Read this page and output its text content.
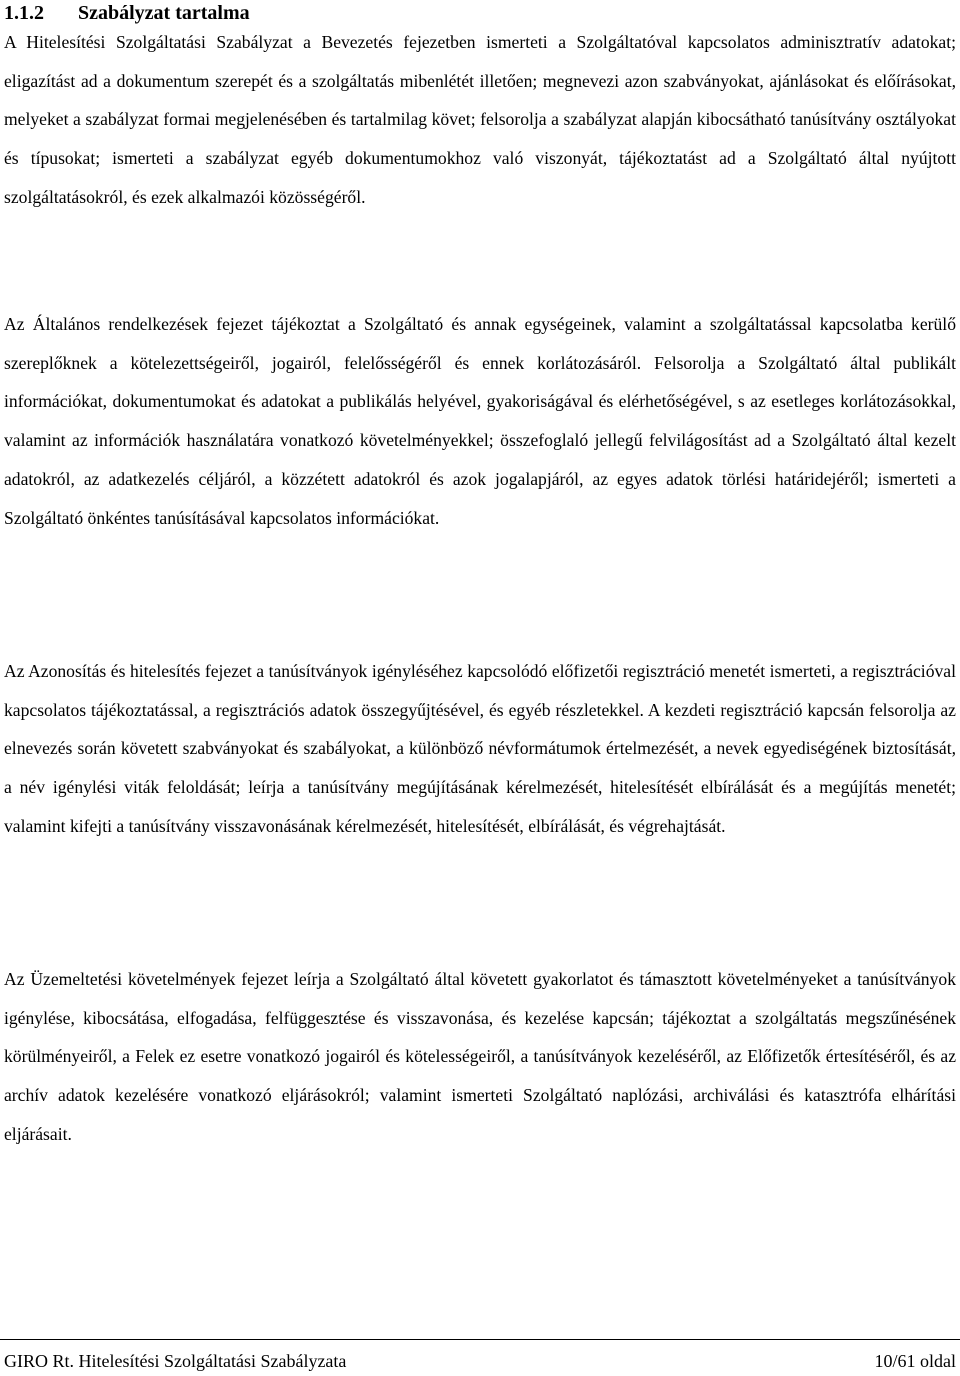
1.1.2 Szabályzat tartalma

A Hitelesítési Szolgáltatási Szabályzat a Bevezetés fejezetben ismerteti a Szolgáltatóval kapcsolatos adminisztratív adatokat; eligazítást ad a dokumentum szerepét és a szolgáltatás mibenlétét illetően; megnevezi azon szabványokat, ajánlásokat és előírásokat, melyeket a szabályzat formai megjelenésében és tartalmilag követ; felsorolja a szabályzat alapján kibocsátható tanúsítvány osztályokat és típusokat; ismerteti a szabályzat egyéb dokumentumokhoz való viszonyát, tájékoztatást ad a Szolgáltató által nyújtott szolgáltatásokról, és ezek alkalmazói közösségéről.

Az Általános rendelkezések fejezet tájékoztat a Szolgáltató és annak egységeinek, valamint a szolgáltatással kapcsolatba kerülő szereplőknek a kötelezettségeiről, jogairól, felelősségéről és ennek korlátozásáról. Felsorolja a Szolgáltató által publikált információkat, dokumentumokat és adatokat a publikálás helyével, gyakoriságával és elérhetőségével, s az esetleges korlátozásokkal, valamint az információk használatára vonatkozó követelményekkel; összefoglaló jellegű felvilágosítást ad a Szolgáltató által kezelt adatokról, az adatkezelés céljáról, a közzétett adatokról és azok jogalapjáról, az egyes adatok törlési határidejéről; ismerteti a Szolgáltató önkéntes tanúsításával kapcsolatos információkat.

Az Azonosítás és hitelesítés fejezet a tanúsítványok igényléséhez kapcsolódó előfizetői regisztráció menetét ismerteti, a regisztrációval kapcsolatos tájékoztatással, a regisztrációs adatok összegyűjtésével, és egyéb részletekkel. A kezdeti regisztráció kapcsán felsorolja az elnevezés során követett szabványokat és szabályokat, a különböző névformátumok értelmezését, a nevek egyediségének biztosítását, a név igénylési viták feloldását; leírja a tanúsítvány megújításának kérelmezését, hitelesítését elbírálását és a megújítás menetét; valamint kifejti a tanúsítvány visszavonásának kérelmezését, hitelesítését, elbírálását, és végrehajtását.

Az Üzemeltetési követelmények fejezet leírja a Szolgáltató által követett gyakorlatot és támasztott követelményeket a tanúsítványok igénylése, kibocsátása, elfogadása, felfüggesztése és visszavonása, és kezelése kapcsán; tájékoztat a szolgáltatás megszűnésének körülményeiről, a Felek ez esetre vonatkozó jogairól és kötelességeiről, a tanúsítványok kezeléséről, az Előfizetők értesítéséről, és az archív adatok kezelésére vonatkozó eljárásokról; valamint ismerteti Szolgáltató naplózási, archiválási és katasztrófa elhárítási eljárásait.

GIRO Rt. Hitelesítési Szolgáltatási Szabályzata	10/61 oldal
